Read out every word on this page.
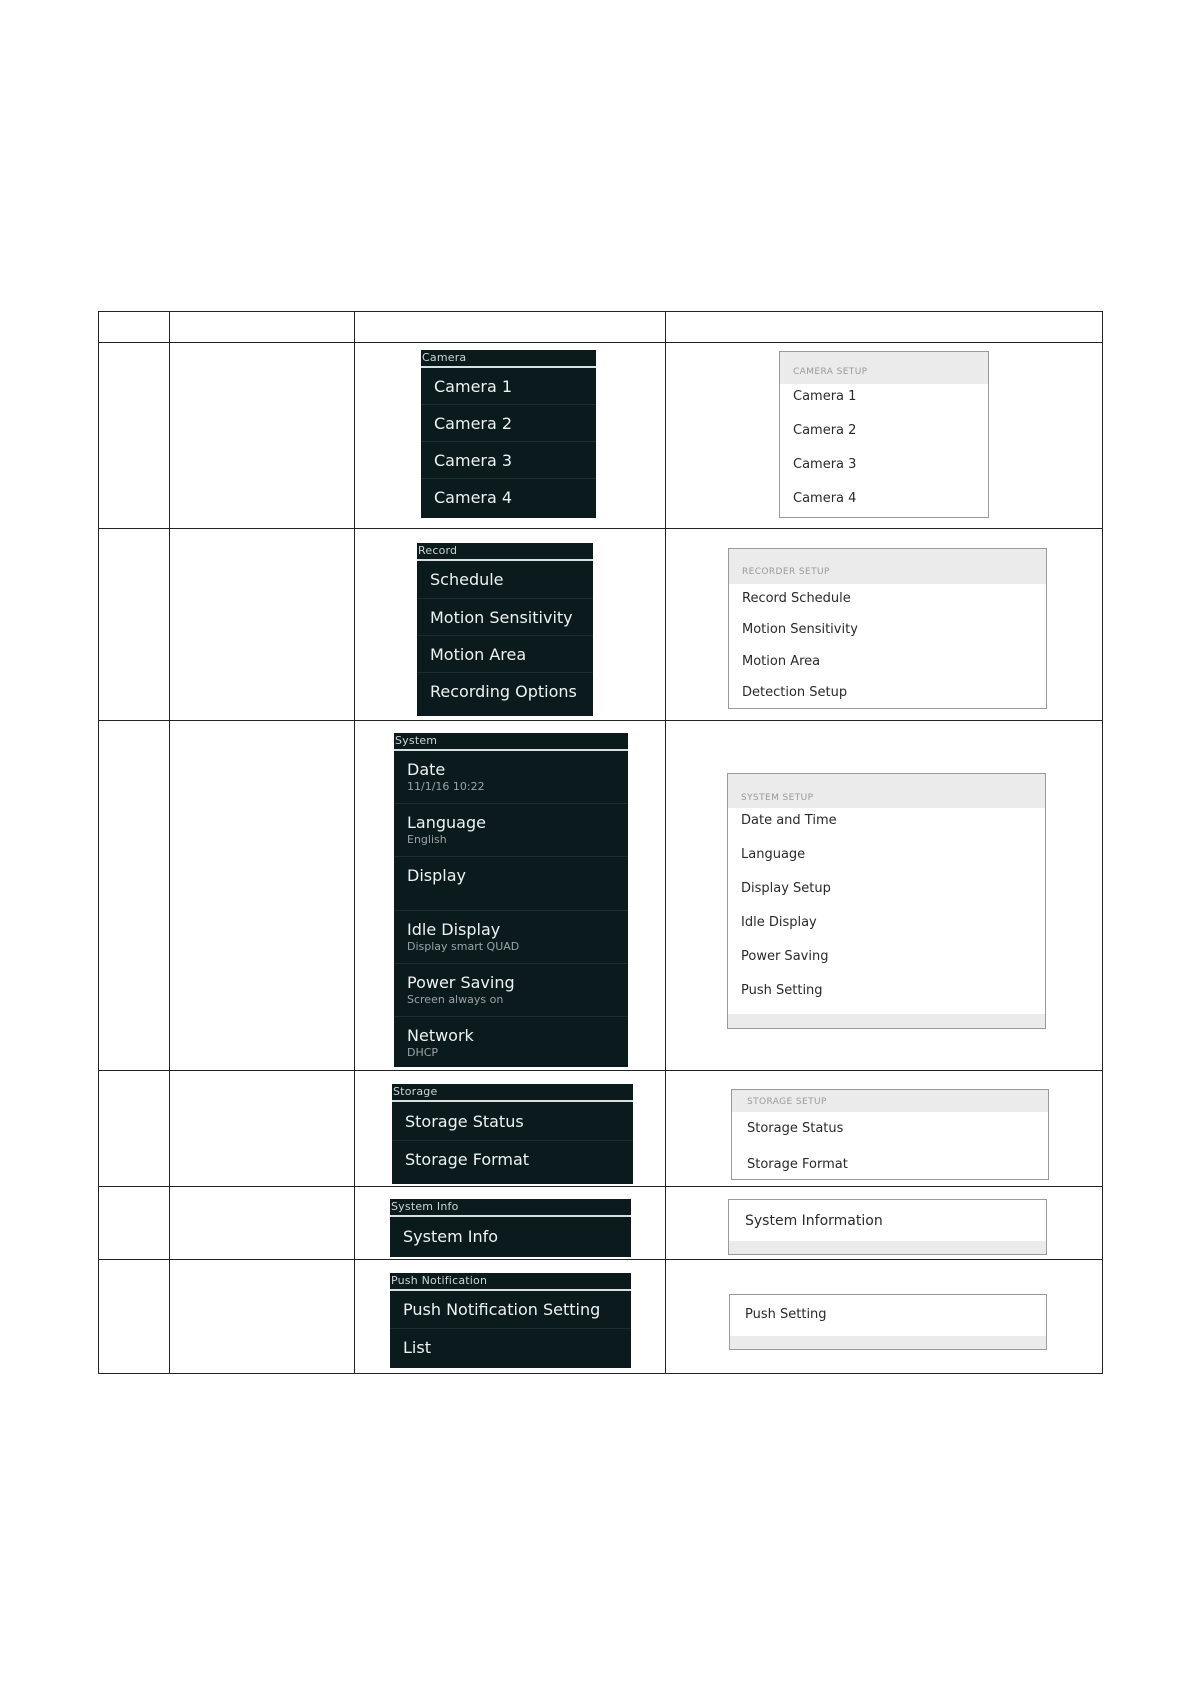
Camera
Camera 1
Camera 2
Camera 3
Camera 4
CAMERA SETUP
Camera 1
Camera 2
Camera 3
Camera 4
Record
Schedule
Motion Sensitivity
Motion Area
Recording Options
RECORDER SETUP
Record Schedule
Motion Sensitivity
Motion Area
Detection Setup
System
Date
11/1/16 10:22
Language
English
Display
Idle Display
Display smart QUAD
Power Saving
Screen always on
Network
DHCP
SYSTEM SETUP
Date and Time
Language
Display Setup
Idle Display
Power Saving
Push Setting
Storage
Storage Status
Storage Format
STORAGE SETUP
Storage Status
Storage Format
System Info
System Info
System Information
Push Notification
Push Notification Setting
List
Push Setting
